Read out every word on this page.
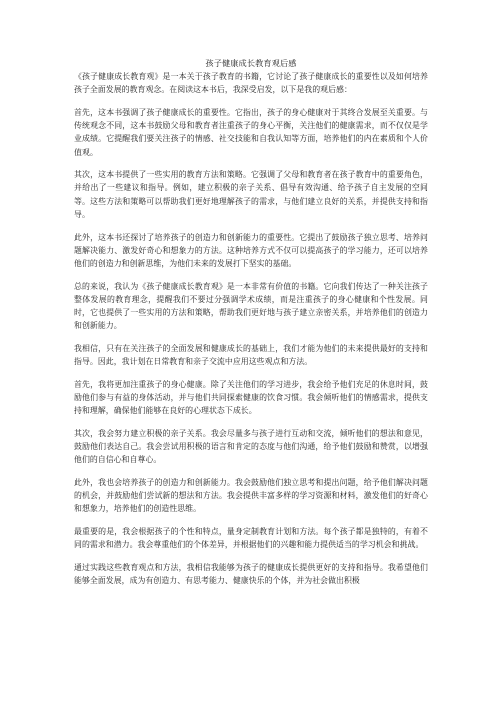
孩子健康成长教育观后感

《孩子健康成长教育观》是一本关于孩子教育的书籍，它讨论了孩子健康成长的重要性以及如何培养孩子全面发展的教育观念。在阅读这本书后，我深受启发，以下是我的观后感：

首先，这本书强调了孩子健康成长的重要性。它指出，孩子的身心健康对于其终合发展至关重要。与传统观念不同，这本书鼓励父母和教育者注重孩子的身心平衡，关注他们的健康需求，而不仅仅是学业成绩。它提醒我们要关注孩子的情感、社交技能和自我认知等方面，培养他们的内在素质和个人价值观。

其次，这本书提供了一些实用的教育方法和策略。它强调了父母和教育者在孩子教育中的重要角色，并给出了一些建议和指导。例如，建立积极的亲子关系、倡导有效沟通、给予孩子自主发展的空间等。这些方法和策略可以帮助我们更好地理解孩子的需求，与他们建立良好的关系，并提供支持和指导。

此外，这本书还探讨了培养孩子的创造力和创新能力的重要性。它提出了鼓励孩子独立思考、培养问题解决能力、激发好奇心和想象力的方法。这种培养方式不仅可以提高孩子的学习能力，还可以培养他们的创造力和创新思维，为他们未来的发展打下坚实的基础。

总的来说，我认为《孩子健康成长教育观》是一本非常有价值的书籍。它向我们传达了一种关注孩子整体发展的教育理念，提醒我们不要过分强调学术成绩，而是注重孩子的身心健康和个性发展。同时，它也提供了一些实用的方法和策略，帮助我们更好地与孩子建立亲密关系，并培养他们的创造力和创新能力。

我相信，只有在关注孩子的全面发展和健康成长的基础上，我们才能为他们的未来提供最好的支持和指导。因此，我计划在日常教育和亲子交流中应用这些观点和方法。

首先，我将更加注重孩子的身心健康。除了关注他们的学习进步，我会给予他们充足的休息时间，鼓励他们参与有益的身体活动，并与他们共同探索健康的饮食习惯。我会倾听他们的情感需求，提供支持和理解，确保他们能够在良好的心理状态下成长。

其次，我会努力建立积极的亲子关系。我会尽量多与孩子进行互动和交流，倾听他们的想法和意见，鼓励他们表达自己。我会尝试用积极的语言和肯定的态度与他们沟通，给予他们鼓励和赞赏，以增强他们的自信心和自尊心。

此外，我也会培养孩子的创造力和创新能力。我会鼓励他们独立思考和提出问题，给予他们解决问题的机会，并鼓励他们尝试新的想法和方法。我会提供丰富多样的学习资源和材料，激发他们的好奇心和想象力，培养他们的创造性思维。

最重要的是，我会根据孩子的个性和特点，量身定制教育计划和方法。每个孩子都是独特的，有着不同的需求和潜力。我会尊重他们的个体差异，并根据他们的兴趣和能力提供适当的学习机会和挑战。

通过实践这些教育观点和方法，我相信我能够为孩子的健康成长提供更好的支持和指导。我希望他们能够全面发展，成为有创造力、有思考能力、健康快乐的个体，并为社会做出积极
